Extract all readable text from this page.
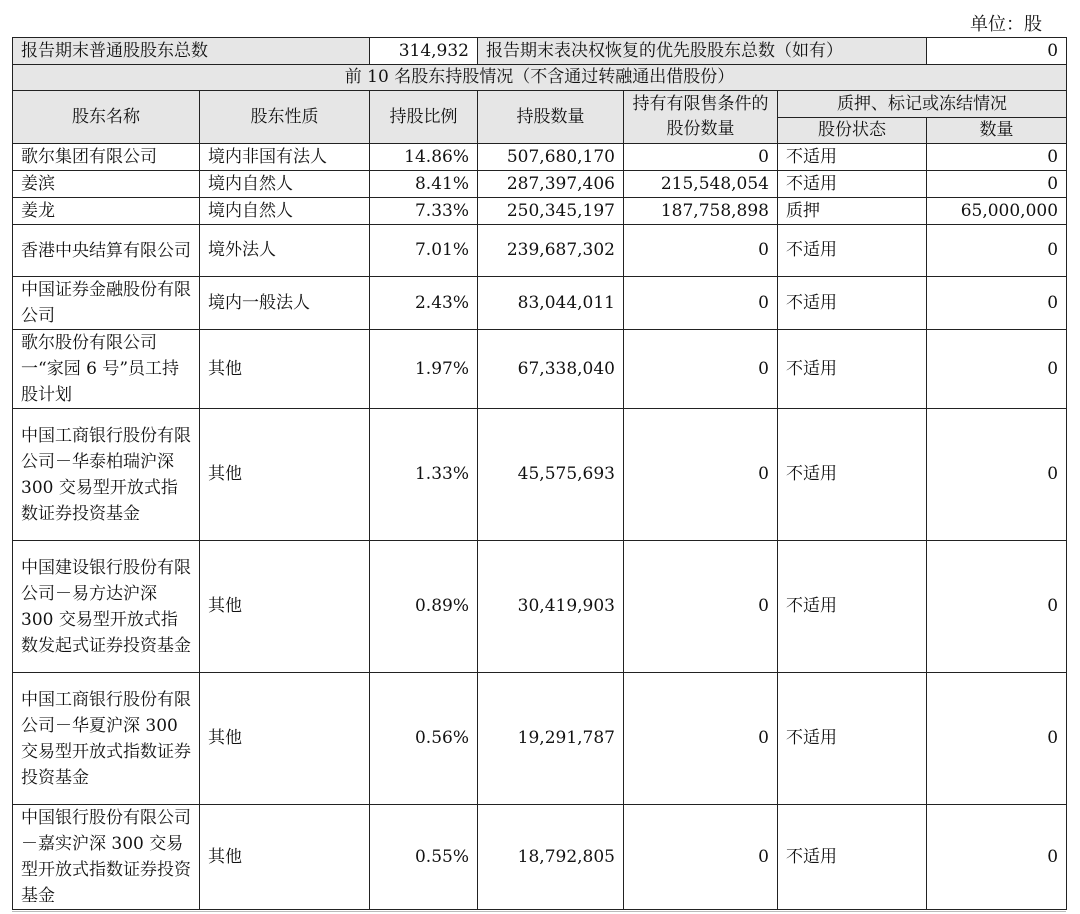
单位：股
报告期末普通股股东总数		314,932	报告期末表决权恢复的优先股股东总数（如有）			0
前 10 名股东持股情况（不含通过转融通出借股份）						
股东名称	股东性质	持股比例	持股数量	持有有限售条件的股份数量	质押、标记或冻结情况	
					股份状态	数量
歌尔集团有限公司	境内非国有法人	14.86%	507,680,170	0	不适用	0
姜滨	境内自然人	8.41%	287,397,406	215,548,054	不适用	0
姜龙	境内自然人	7.33%	250,345,197	187,758,898	质押	65,000,000
香港中央结算有限公司	境外法人	7.01%	239,687,302	0	不适用	0
中国证券金融股份有限公司	境内一般法人	2.43%	83,044,011	0	不适用	0
歌尔股份有限公司一“家园 6 号”员工持股计划	其他	1.97%	67,338,040	0	不适用	0
中国工商银行股份有限公司－华泰柏瑞沪深 300 交易型开放式指数证券投资基金	其他	1.33%	45,575,693	0	不适用	0
中国建设银行股份有限公司－易方达沪深 300 交易型开放式指数发起式证券投资基金	其他	0.89%	30,419,903	0	不适用	0
中国工商银行股份有限公司－华夏沪深 300 交易型开放式指数证券投资基金	其他	0.56%	19,291,787	0	不适用	0
中国银行股份有限公司－嘉实沪深 300 交易型开放式指数证券投资基金	其他	0.55%	18,792,805	0	不适用	0
